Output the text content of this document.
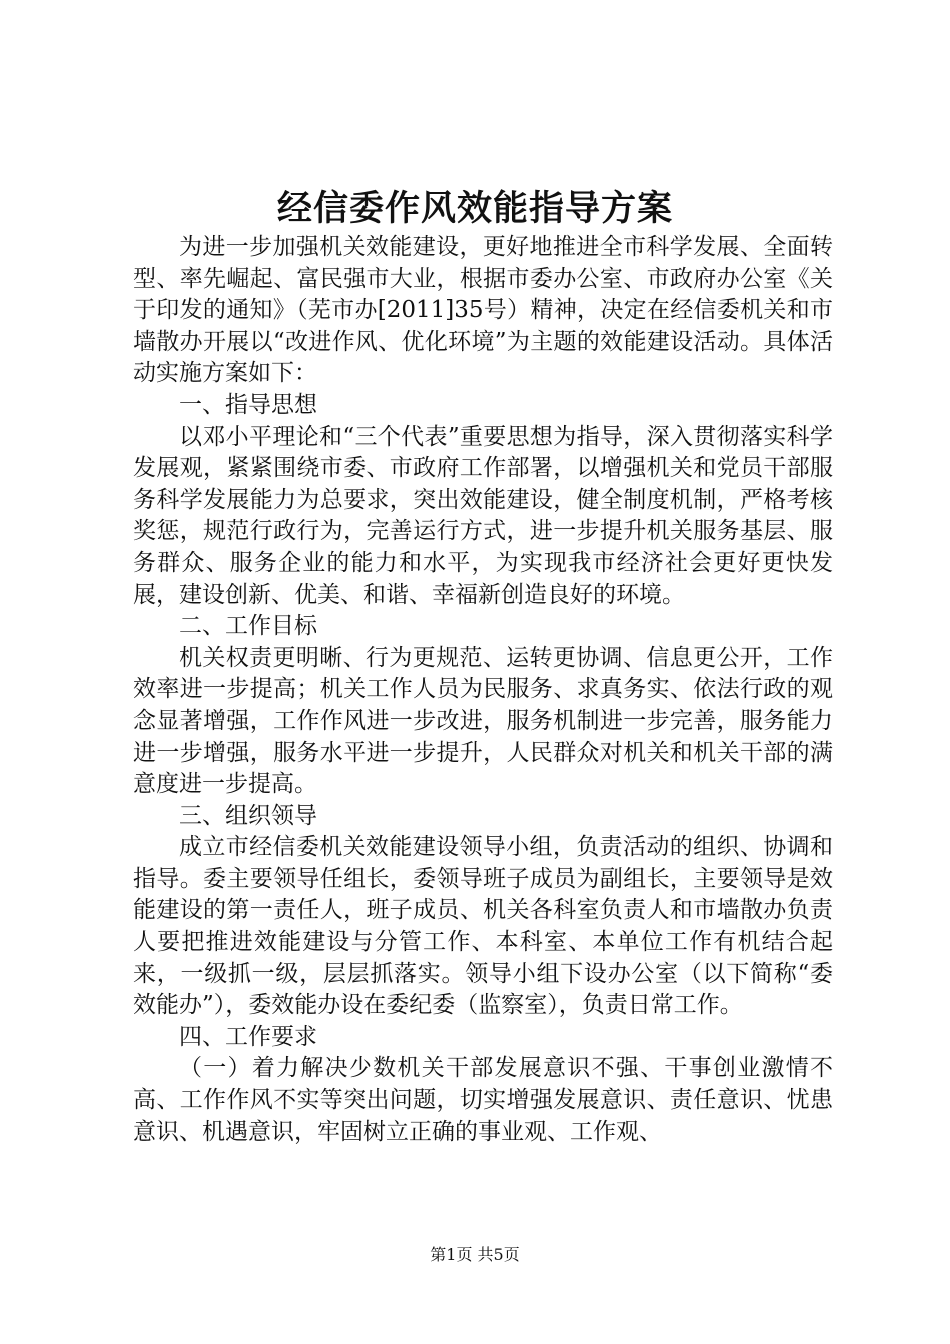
经信委作风效能指导方案

为进一步加强机关效能建设，更好地推进全市科学发展、全面转型、率先崛起、富民强市大业，根据市委办公室、市政府办公室《关于印发的通知》（芜市办[2011]35号）精神，决定在经信委机关和市墙散办开展以“改进作风、优化环境”为主题的效能建设活动。具体活动实施方案如下：

一、指导思想

以邓小平理论和“三个代表”重要思想为指导，深入贯彻落实科学发展观，紧紧围绕市委、市政府工作部署，以增强机关和党员干部服务科学发展能力为总要求，突出效能建设，健全制度机制，严格考核奖惩，规范行政行为，完善运行方式，进一步提升机关服务基层、服务群众、服务企业的能力和水平，为实现我市经济社会更好更快发展，建设创新、优美、和谐、幸福新创造良好的环境。

二、工作目标

机关权责更明晰、行为更规范、运转更协调、信息更公开，工作效率进一步提高；机关工作人员为民服务、求真务实、依法行政的观念显著增强，工作作风进一步改进，服务机制进一步完善，服务能力进一步增强，服务水平进一步提升，人民群众对机关和机关干部的满意度进一步提高。

三、组织领导

成立市经信委机关效能建设领导小组，负责活动的组织、协调和指导。委主要领导任组长，委领导班子成员为副组长，主要领导是效能建设的第一责任人，班子成员、机关各科室负责人和市墙散办负责人要把推进效能建设与分管工作、本科室、本单位工作有机结合起来，一级抓一级，层层抓落实。领导小组下设办公室（以下简称“委效能办”），委效能办设在委纪委（监察室），负责日常工作。

四、工作要求

（一）着力解决少数机关干部发展意识不强、干事创业激情不高、工作作风不实等突出问题，切实增强发展意识、责任意识、忧患意识、机遇意识，牢固树立正确的事业观、工作观、

第1页 共5页
